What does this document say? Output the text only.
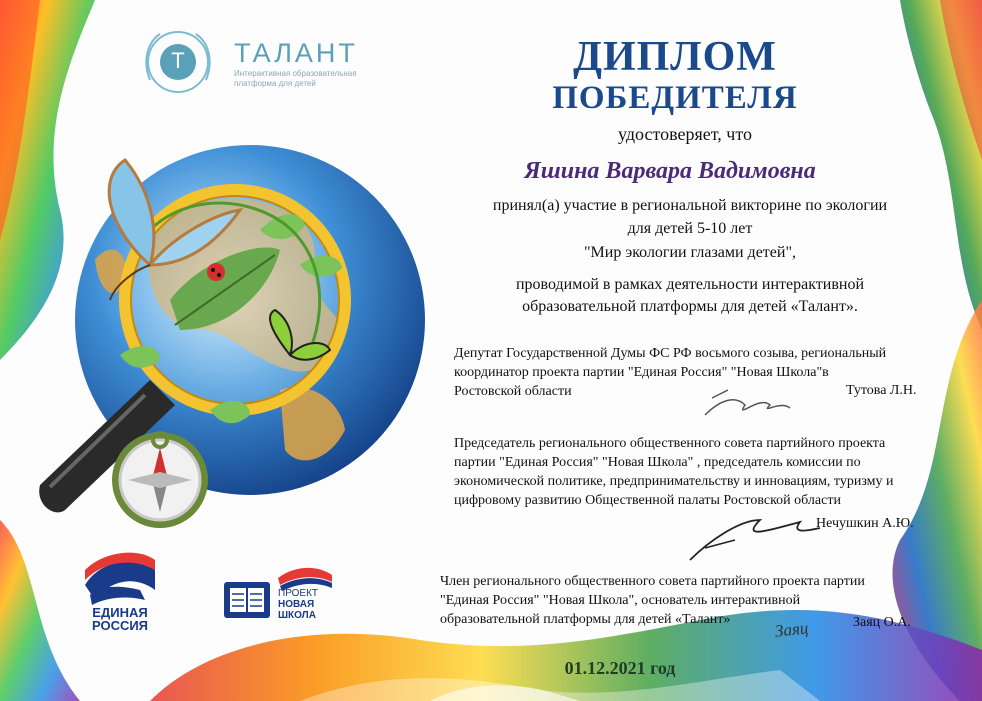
Т ТАЛАНТ
Интерактивная образовательная платформа для детей
ДИПЛОМ
ПОБЕДИТЕЛЯ
удостоверяет, что
Яшина Варвара Вадимовна
принял(а) участие в региональной викторине по экологии
для детей 5-10 лет
"Мир экологии глазами детей",
проводимой в рамках деятельности интерактивной
образовательной платформы для детей «Талант».
Депутат Государственной Думы ФС РФ восьмого созыва, региональный
координатор проекта партии "Единая Россия" "Новая Школа"в
Ростовской области	Тутова Л.Н.
Председатель регионального общественного совета партийного проекта
партии "Единая Россия" "Новая Школа" , председатель комиссии по
экономической политике, предпринимательству и инновациям, туризму и
цифровому развитию Общественной палаты Ростовской области
Нечушкин А.Ю.
Член регионального общественного совета партийного проекта партии
"Единая Россия" "Новая Школа", основатель интерактивной
образовательной платформы для детей «Талант»	Заяц	Заяц О.А.
01.12.2021 год
ЕДИНАЯ
РОССИЯ
ПРОЕКТ
НОВАЯ
ШКОЛА
